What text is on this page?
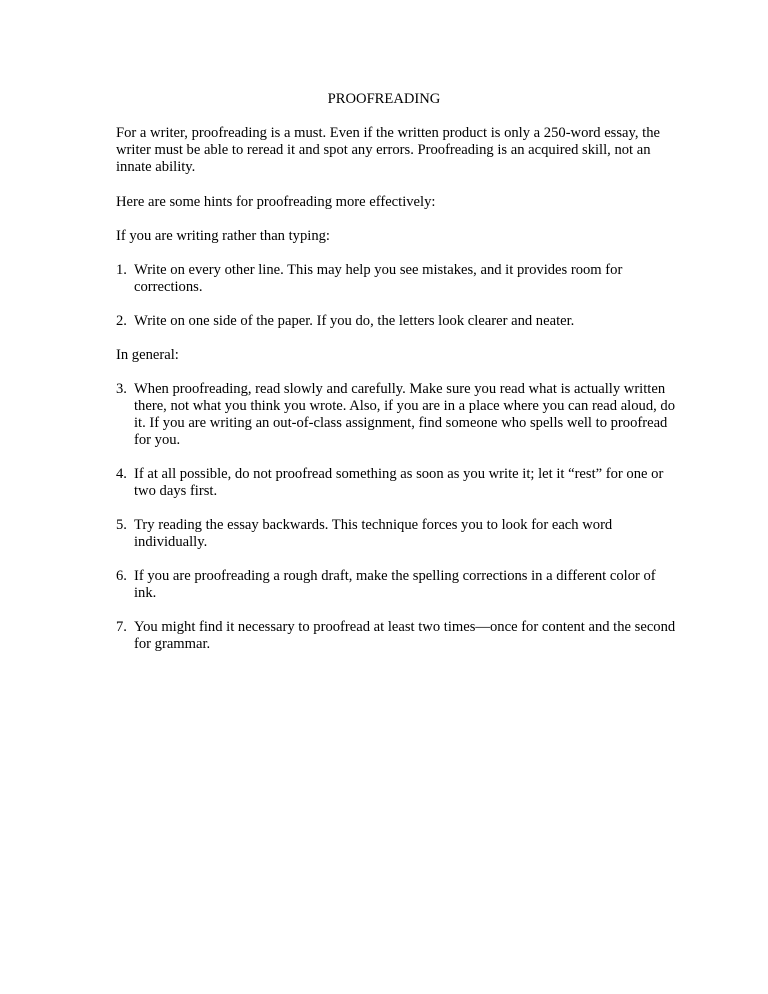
PROOFREADING

For a writer, proofreading is a must. Even if the written product is only a 250-word essay, the writer must be able to reread it and spot any errors. Proofreading is an acquired skill, not an innate ability.

Here are some hints for proofreading more effectively:

If you are writing rather than typing:

1. Write on every other line. This may help you see mistakes, and it provides room for corrections.
2. Write on one side of the paper. If you do, the letters look clearer and neater.

In general:

3. When proofreading, read slowly and carefully. Make sure you read what is actually written there, not what you think you wrote. Also, if you are in a place where you can read aloud, do it. If you are writing an out-of-class assignment, find someone who spells well to proofread for you.
4. If at all possible, do not proofread something as soon as you write it; let it “rest” for one or two days first.
5. Try reading the essay backwards. This technique forces you to look for each word individually.
6. If you are proofreading a rough draft, make the spelling corrections in a different color of ink.
7. You might find it necessary to proofread at least two times—once for content and the second for grammar.
